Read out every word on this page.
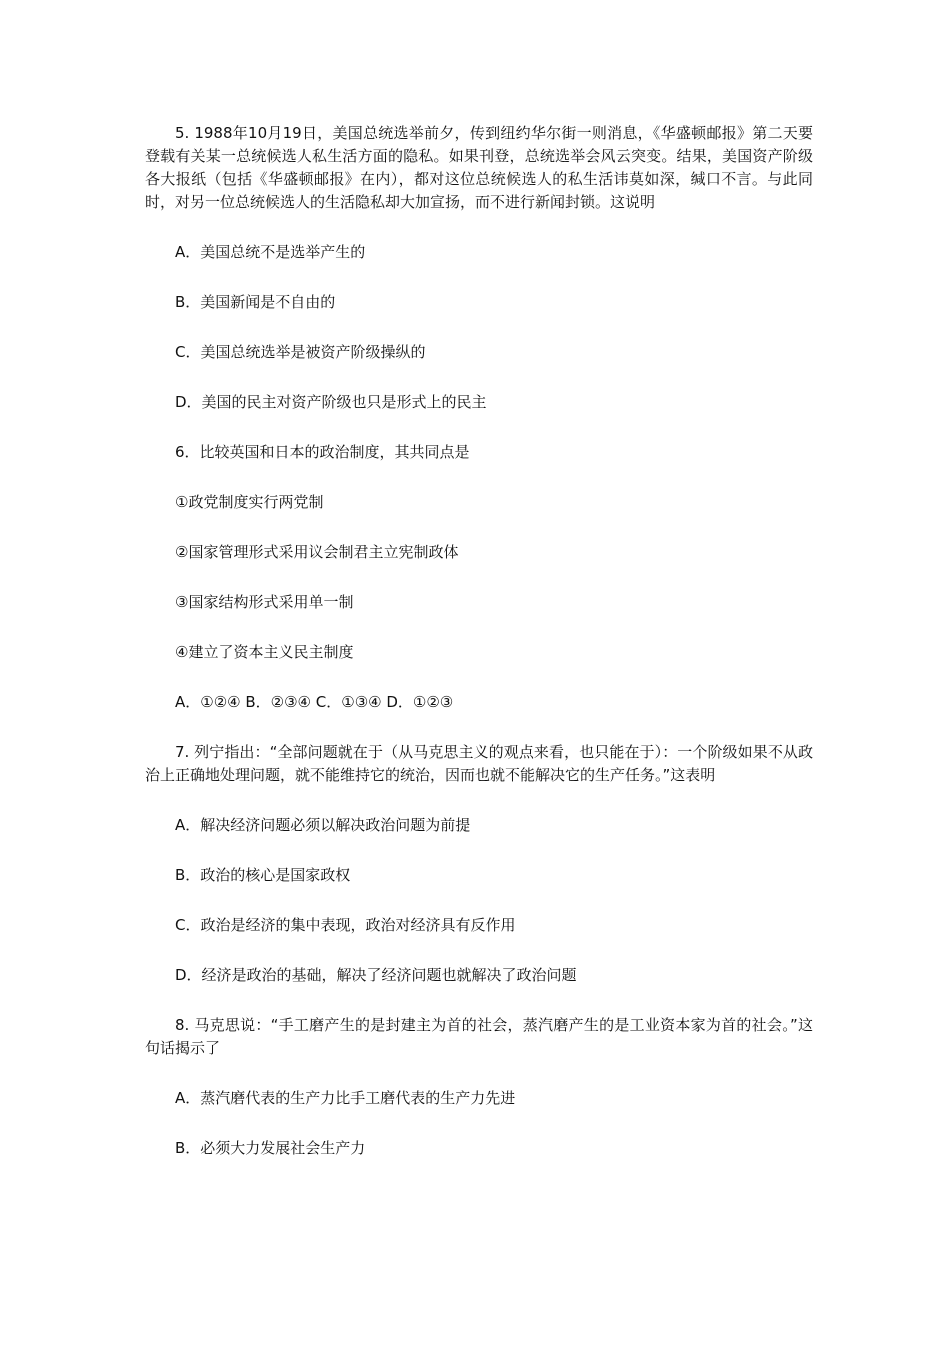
5. 1988年10月19日，美国总统选举前夕，传到纽约华尔街一则消息，《华盛顿邮报》第二天要登载有关某一总统候选人私生活方面的隐私。如果刊登，总统选举会风云突变。结果，美国资产阶级各大报纸（包括《华盛顿邮报》在内），都对这位总统候选人的私生活讳莫如深，缄口不言。与此同时，对另一位总统候选人的生活隐私却大加宣扬，而不进行新闻封锁。这说明

A．美国总统不是选举产生的

B．美国新闻是不自由的

C．美国总统选举是被资产阶级操纵的

D．美国的民主对资产阶级也只是形式上的民主

6．比较英国和日本的政治制度，其共同点是

①政党制度实行两党制

②国家管理形式采用议会制君主立宪制政体

③国家结构形式采用单一制

④建立了资本主义民主制度

A．①②④ B．②③④ C．①③④ D．①②③

7. 列宁指出：“全部问题就在于（从马克思主义的观点来看，也只能在于）：一个阶级如果不从政治上正确地处理问题，就不能维持它的统治，因而也就不能解决它的生产任务。”这表明

A．解决经济问题必须以解决政治问题为前提

B．政治的核心是国家政权

C．政治是经济的集中表现，政治对经济具有反作用

D．经济是政治的基础，解决了经济问题也就解决了政治问题

8. 马克思说：“手工磨产生的是封建主为首的社会，蒸汽磨产生的是工业资本家为首的社会。”这句话揭示了

A．蒸汽磨代表的生产力比手工磨代表的生产力先进

B．必须大力发展社会生产力
